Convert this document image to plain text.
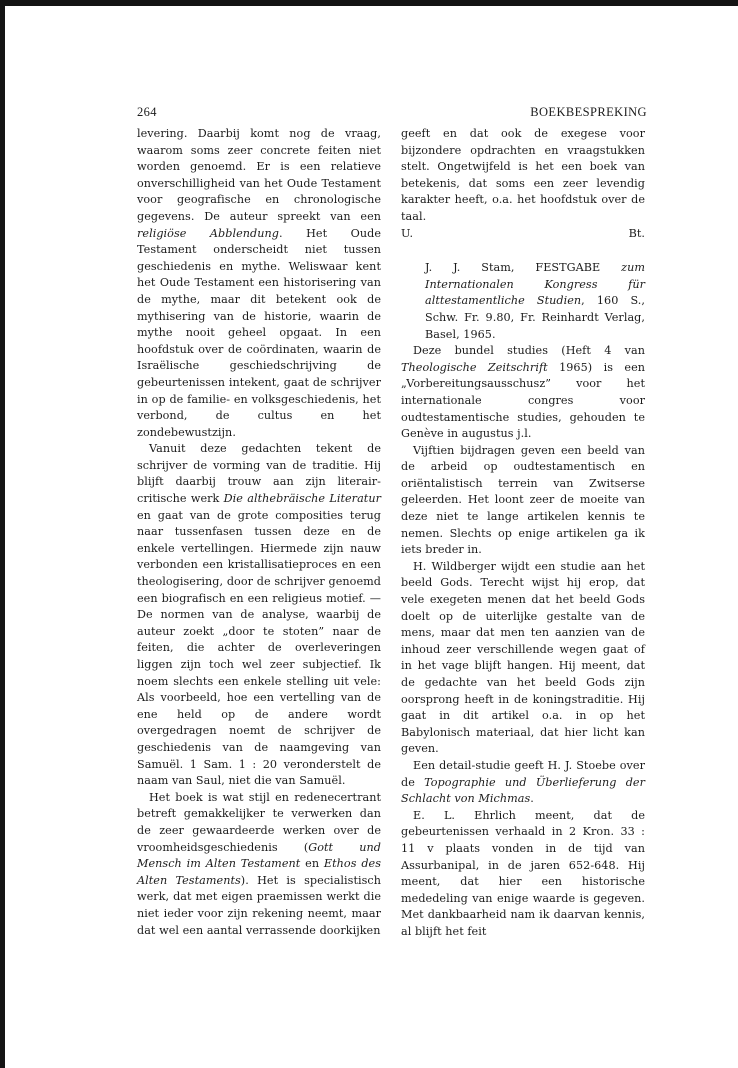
264	BOEKBESPREKING

levering. Daarbij komt nog de vraag, waarom soms zeer concrete feiten niet worden genoemd. Er is een relatieve onverschilligheid van het Oude Testament voor geografische en chronologische gegevens. De auteur spreekt van een religiöse Abblendung. Het Oude Testament onderscheidt niet tussen geschiedenis en mythe. Weliswaar kent het Oude Testament een historisering van de mythe, maar dit betekent ook de mythisering van de historie, waarin de mythe nooit geheel opgaat. In een hoofdstuk over de coördinaten, waarin de Israëlische geschiedschrijving de gebeurtenissen intekent, gaat de schrijver in op de familie- en volksgeschiedenis, het verbond, de cultus en het zondebewustzijn.

Vanuit deze gedachten tekent de schrijver de vorming van de traditie. Hij blijft daarbij trouw aan zijn literair-critische werk Die althebräische Literatur en gaat van de grote composities terug naar tussenfasen tussen deze en de enkele vertellingen. Hiermede zijn nauw verbonden een kristallisatieproces en een theologisering, door de schrijver genoemd een biografisch en een religieus motief. — De normen van de analyse, waarbij de auteur zoekt „door te stoten” naar de feiten, die achter de overleveringen liggen zijn toch wel zeer subjectief. Ik noem slechts een enkele stelling uit vele: Als voorbeeld, hoe een vertelling van de ene held op de andere wordt overgedragen noemt de schrijver de geschiedenis van de naamgeving van Samuël. 1 Sam. 1 : 20 veronderstelt de naam van Saul, niet die van Samuël.

Het boek is wat stijl en redenecertrant betreft gemakkelijker te verwerken dan de zeer gewaardeerde werken over de vroomheidsgeschiedenis (Gott und Mensch im Alten Testament en Ethos des Alten Testaments). Het is specialistisch werk, dat met eigen praemissen werkt die niet ieder voor zijn rekening neemt, maar dat wel een aantal verrassende doorkijken

geeft en dat ook de exegese voor bijzondere opdrachten en vraagstukken stelt. Ongetwijfeld is het een boek van betekenis, dat soms een zeer levendig karakter heeft, o.a. het hoofdstuk over de taal.

U.	Bt.

J. J. Stam, FESTGABE zum Internationalen Kongress für alttestamentliche Studien, 160 S., Schw. Fr. 9.80, Fr. Reinhardt Verlag, Basel, 1965.

Deze bundel studies (Heft 4 van Theologische Zeitschrift 1965) is een „Vorbereitungsausschusz” voor het internationale congres voor oudtestamentische studies, gehouden te Genève in augustus j.l.

Vijftien bijdragen geven een beeld van de arbeid op oudtestamentisch en oriëntalistisch terrein van Zwitserse geleerden. Het loont zeer de moeite van deze niet te lange artikelen kennis te nemen. Slechts op enige artikelen ga ik iets breder in.

H. Wildberger wijdt een studie aan het beeld Gods. Terecht wijst hij erop, dat vele exegeten menen dat het beeld Gods doelt op de uiterlijke gestalte van de mens, maar dat men ten aanzien van de inhoud zeer verschillende wegen gaat of in het vage blijft hangen. Hij meent, dat de gedachte van het beeld Gods zijn oorsprong heeft in de koningstraditie. Hij gaat in dit artikel o.a. in op het Babylonisch materiaal, dat hier licht kan geven.

Een detail-studie geeft H. J. Stoebe over de Topographie und Überlieferung der Schlacht von Michmas.

E. L. Ehrlich meent, dat de gebeurtenissen verhaald in 2 Kron. 33 : 11 v plaats vonden in de tijd van Assurbanipal, in de jaren 652-648. Hij meent, dat hier een historische mededeling van enige waarde is gegeven. Met dankbaarheid nam ik daarvan kennis, al blijft het feit
